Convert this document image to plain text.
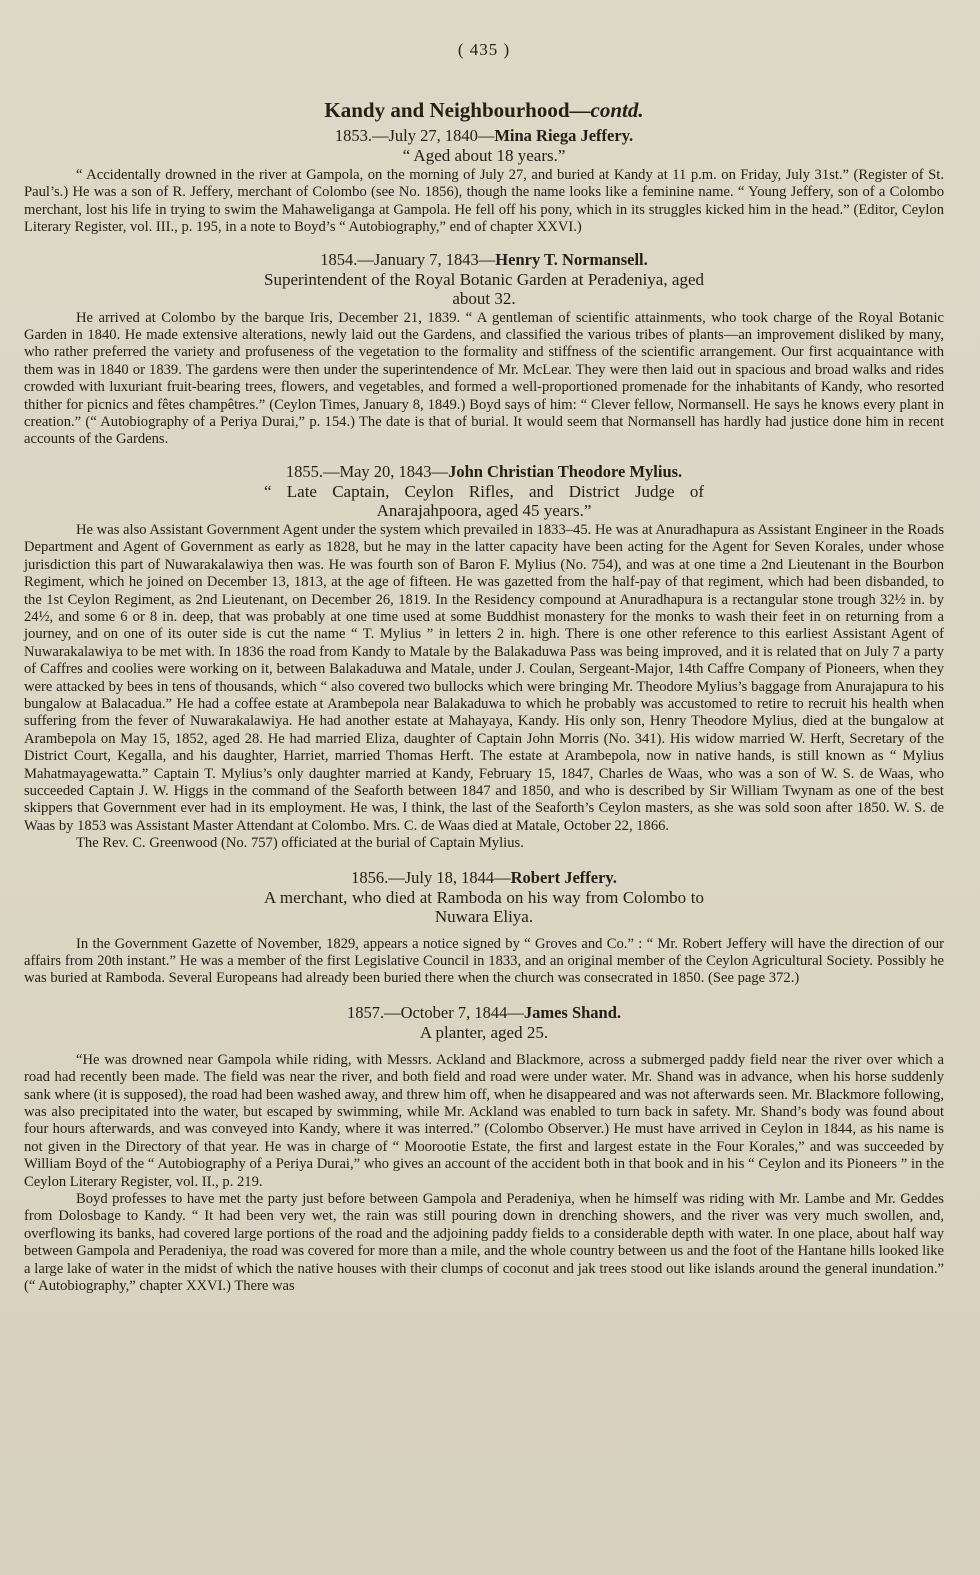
( 435 )
Kandy and Neighbourhood—contd.
1853.—July 27, 1840—Mina Riega Jeffery.
“ Aged about 18 years.”

“ Accidentally drowned in the river at Gampola, on the morning of July 27, and buried at Kandy at 11 p.m. on Friday, July 31st.” (Register of St. Paul’s.) He was a son of R. Jeffery, merchant of Colombo (see No. 1856), though the name looks like a feminine name. “ Young Jeffery, son of a Colombo merchant, lost his life in trying to swim the Mahaweliganga at Gampola. He fell off his pony, which in its struggles kicked him in the head.” (Editor, Ceylon Literary Register, vol. III., p. 195, in a note to Boyd’s “ Autobiography,” end of chapter XXVI.)

1854.—January 7, 1843—Henry T. Normansell.
Superintendent of the Royal Botanic Garden at Peradeniya, aged about 32.

He arrived at Colombo by the barque Iris, December 21, 1839. “ A gentleman of scientific attainments, who took charge of the Royal Botanic Garden in 1840. He made extensive alterations, newly laid out the Gardens, and classified the various tribes of plants—an improvement disliked by many, who rather preferred the variety and profuseness of the vegetation to the formality and stiffness of the scientific arrangement. Our first acquaintance with them was in 1840 or 1839. The gardens were then under the superintendence of Mr. McLear. They were then laid out in spacious and broad walks and rides crowded with luxuriant fruit-bearing trees, flowers, and vegetables, and formed a well-proportioned promenade for the inhabitants of Kandy, who resorted thither for picnics and fêtes champêtres.” (Ceylon Times, January 8, 1849.) Boyd says of him: “ Clever fellow, Normansell. He says he knows every plant in creation.” (“ Autobiography of a Periya Durai,” p. 154.) The date is that of burial. It would seem that Normansell has hardly had justice done him in recent accounts of the Gardens.

1855.—May 20, 1843—John Christian Theodore Mylius.
“ Late Captain, Ceylon Rifles, and District Judge of Anarajahpoora, aged 45 years.”

He was also Assistant Government Agent under the system which prevailed in 1833–45. He was at Anuradhapura as Assistant Engineer in the Roads Department and Agent of Government as early as 1828, but he may in the latter capacity have been acting for the Agent for Seven Korales, under whose jurisdiction this part of Nuwarakalawiya then was. He was fourth son of Baron F. Mylius (No. 754), and was at one time a 2nd Lieutenant in the Bourbon Regiment, which he joined on December 13, 1813, at the age of fifteen. He was gazetted from the half-pay of that regiment, which had been disbanded, to the 1st Ceylon Regiment, as 2nd Lieutenant, on December 26, 1819. In the Residency compound at Anuradhapura is a rectangular stone trough 32½ in. by 24½, and some 6 or 8 in. deep, that was probably at one time used at some Buddhist monastery for the monks to wash their feet in on returning from a journey, and on one of its outer side is cut the name “ T. Mylius ” in letters 2 in. high. There is one other reference to this earliest Assistant Agent of Nuwarakalawiya to be met with. In 1836 the road from Kandy to Matale by the Balakaduwa Pass was being improved, and it is related that on July 7 a party of Caffres and coolies were working on it, between Balakaduwa and Matale, under J. Coulan, Sergeant-Major, 14th Caffre Company of Pioneers, when they were attacked by bees in tens of thousands, which “ also covered two bullocks which were bringing Mr. Theodore Mylius’s baggage from Anurajapura to his bungalow at Balacadua.” He had a coffee estate at Arambepola near Balakaduwa to which he probably was accustomed to retire to recruit his health when suffering from the fever of Nuwarakalawiya. He had another estate at Mahayaya, Kandy. His only son, Henry Theodore Mylius, died at the bungalow at Arambepola on May 15, 1852, aged 28. He had married Eliza, daughter of Captain John Morris (No. 341). His widow married W. Herft, Secretary of the District Court, Kegalla, and his daughter, Harriet, married Thomas Herft. The estate at Arambepola, now in native hands, is still known as “ Mylius Mahatmayagewatta.” Captain T. Mylius’s only daughter married at Kandy, February 15, 1847, Charles de Waas, who was a son of W. S. de Waas, who succeeded Captain J. W. Higgs in the command of the Seaforth between 1847 and 1850, and who is described by Sir William Twynam as one of the best skippers that Government ever had in its employment. He was, I think, the last of the Seaforth’s Ceylon masters, as she was sold soon after 1850. W. S. de Waas by 1853 was Assistant Master Attendant at Colombo. Mrs. C. de Waas died at Matale, October 22, 1866.

The Rev. C. Greenwood (No. 757) officiated at the burial of Captain Mylius.

1856.—July 18, 1844—Robert Jeffery.
A merchant, who died at Ramboda on his way from Colombo to Nuwara Eliya.

In the Government Gazette of November, 1829, appears a notice signed by “ Groves and Co.” : “ Mr. Robert Jeffery will have the direction of our affairs from 20th instant.” He was a member of the first Legislative Council in 1833, and an original member of the Ceylon Agricultural Society. Possibly he was buried at Ramboda. Several Europeans had already been buried there when the church was consecrated in 1850. (See page 372.)

1857.—October 7, 1844—James Shand.
A planter, aged 25.

“He was drowned near Gampola while riding, with Messrs. Ackland and Blackmore, across a submerged paddy field near the river over which a road had recently been made. The field was near the river, and both field and road were under water. Mr. Shand was in advance, when his horse suddenly sank where (it is supposed), the road had been washed away, and threw him off, when he disappeared and was not afterwards seen. Mr. Blackmore following, was also precipitated into the water, but escaped by swimming, while Mr. Ackland was enabled to turn back in safety. Mr. Shand’s body was found about four hours afterwards, and was conveyed into Kandy, where it was interred.” (Colombo Observer.) He must have arrived in Ceylon in 1844, as his name is not given in the Directory of that year. He was in charge of “ Moorootie Estate, the first and largest estate in the Four Korales,” and was succeeded by William Boyd of the “ Autobiography of a Periya Durai,” who gives an account of the accident both in that book and in his “ Ceylon and its Pioneers ” in the Ceylon Literary Register, vol. II., p. 219.

Boyd professes to have met the party just before between Gampola and Peradeniya, when he himself was riding with Mr. Lambe and Mr. Geddes from Dolosbage to Kandy. “ It had been very wet, the rain was still pouring down in drenching showers, and the river was very much swollen, and, overflowing its banks, had covered large portions of the road and the adjoining paddy fields to a considerable depth with water. In one place, about half way between Gampola and Peradeniya, the road was covered for more than a mile, and the whole country between us and the foot of the Hantane hills looked like a large lake of water in the midst of which the native houses with their clumps of coconut and jak trees stood out like islands around the general inundation.” (“ Autobiography,” chapter XXVI.) There was
